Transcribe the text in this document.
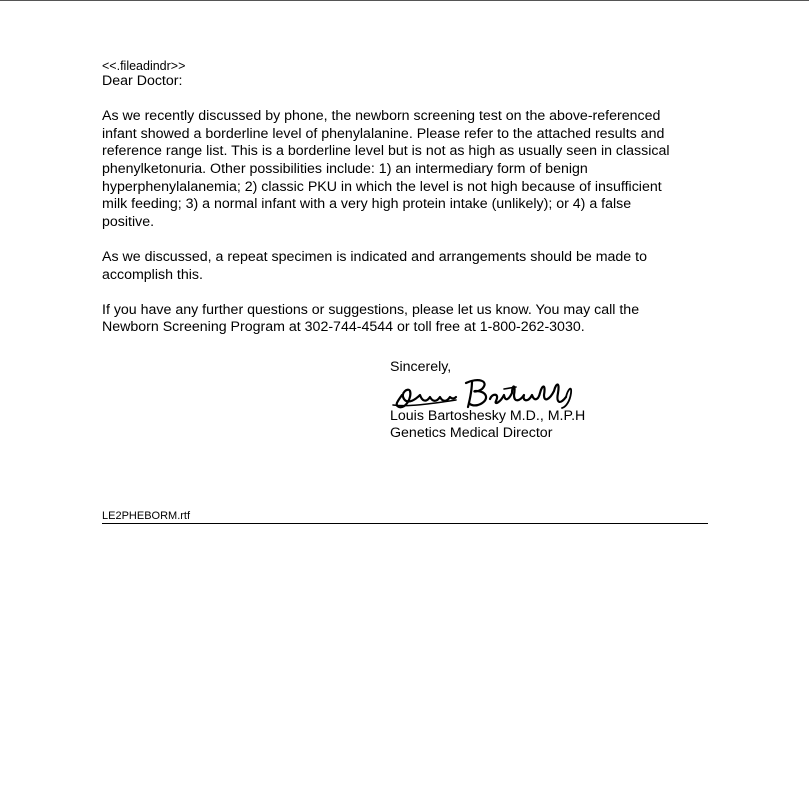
<<.fileadindr>>

Dear Doctor:

As we recently discussed by phone, the newborn screening test on the above-referenced
infant showed a borderline level of phenylalanine. Please refer to the attached results and
reference range list. This is a borderline level but is not as high as usually seen in classical
phenylketonuria. Other possibilities include: 1) an intermediary form of benign
hyperphenylalanemia; 2) classic PKU in which the level is not high because of insufficient
milk feeding; 3) a normal infant with a very high protein intake (unlikely); or 4) a false
positive.

As we discussed, a repeat specimen is indicated and arrangements should be made to
accomplish this.

If you have any further questions or suggestions, please let us know. You may call the
Newborn Screening Program at 302-744-4544 or toll free at 1-800-262-3030.

Sincerely,
Louis Bartoshesky M.D., M.P.H
Genetics Medical Director
LE2PHEBORM.rtf
